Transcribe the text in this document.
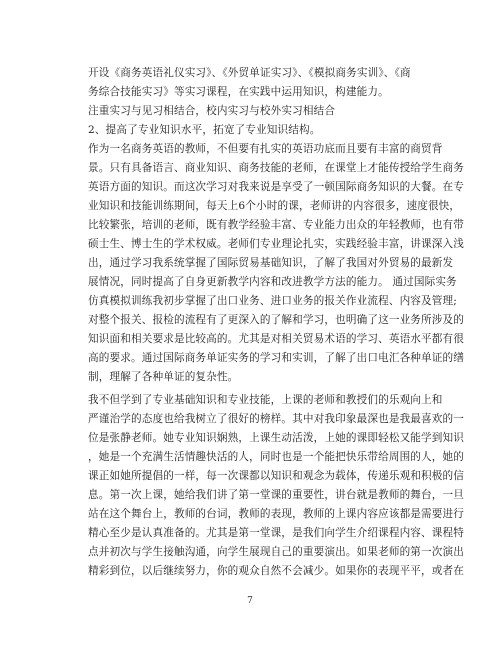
开设《商务英语礼仪实习》、《外贸单证实习》、《模拟商务实训》、《商
务综合技能实习》等实习课程，在实践中运用知识，构建能力。
注重实习与见习相结合，校内实习与校外实习相结合
2、提高了专业知识水平，拓宽了专业知识结构。
作为一名商务英语的教师，不但要有扎实的英语功底而且要有丰富的商贸背
景。只有具备语言、商业知识、商务技能的老师，在课堂上才能传授给学生商务
英语方面的知识。而这次学习对我来说是享受了一顿国际商务知识的大餐。在专
业知识和技能训练期间，每天上6个小时的课，老师讲的内容很多，速度很快，
比较繁张，培训的老师，既有教学经验丰富、专业能力出众的年轻教师，也有带
硕士生、博士生的学术权威。老师们专业理论扎实，实践经验丰富，讲课深入浅
出，通过学习我系统掌握了国际贸易基础知识，了解了我国对外贸易的最新发
展情况，同时提高了自身更新教学内容和改进教学方法的能力。 通过国际实务
仿真模拟训练我初步掌握了出口业务、进口业务的报关作业流程、内容及管理;
对整个报关、报检的流程有了更深入的了解和学习，也明确了这一业务所涉及的
知识面和相关要求是比较高的。尤其是对相关贸易术语的学习、英语水平都有很
高的要求。通过国际商务单证实务的学习和实训，了解了出口电汇各种单证的缮
制，理解了各种单证的复杂性。
我不但学到了专业基础知识和专业技能，上课的老师和教授们的乐观向上和
严谨治学的态度也给我树立了很好的榜样。其中对我印象最深也是我最喜欢的一
位是张静老师。她专业知识娴熟，上课生动活泼，上她的课即轻松又能学到知识
，她是一个充满生活情趣快活的人，同时也是一个能把快乐带给周围的人，她的
课正如她所提倡的一样，每一次课都以知识和观念为载体，传递乐观和积极的信
息。第一次上课，她给我们讲了第一堂课的重要性，讲台就是教师的舞台，一旦
站在这个舞台上，教师的台词，教师的表现，教师的上课内容应该都是需要进行
精心至少是认真准备的。尤其是第一堂课，是我们向学生介绍课程内容、课程特
点并初次与学生接触沟通，向学生展现自己的重要演出。如果老师的第一次演出
精彩到位，以后继续努力，你的观众自然不会减少。如果你的表现平平，或者在
7
